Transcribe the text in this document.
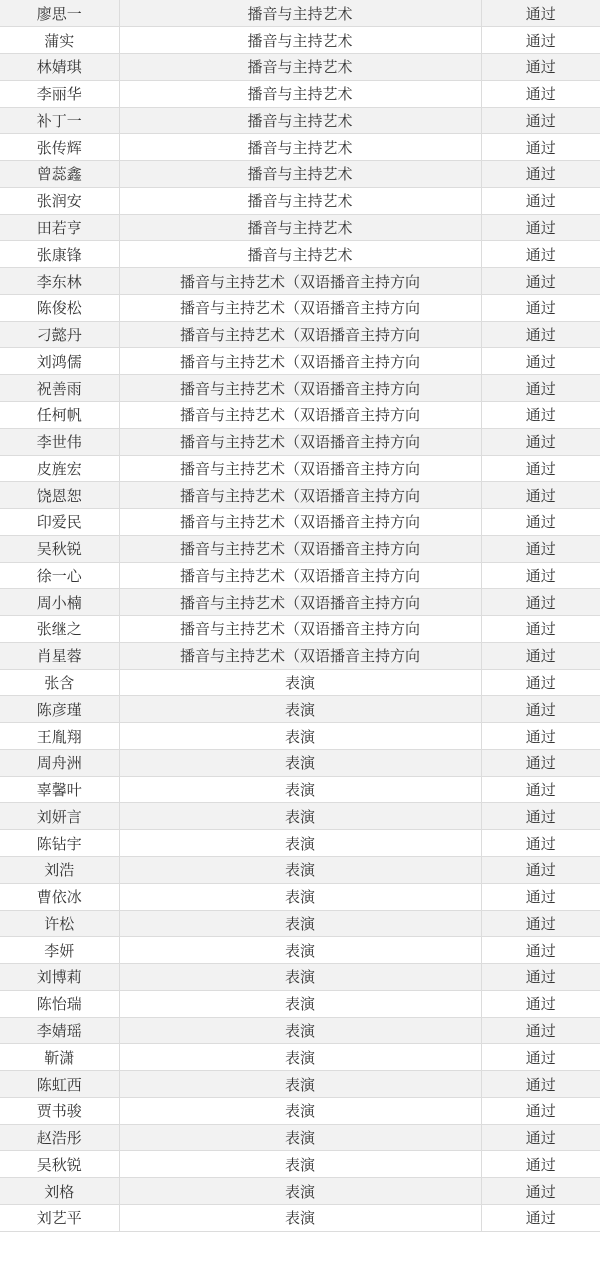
廖思一	播音与主持艺术	通过
蒲实	播音与主持艺术	通过
林婧琪	播音与主持艺术	通过
李丽华	播音与主持艺术	通过
补丁一	播音与主持艺术	通过
张传辉	播音与主持艺术	通过
曾蕊鑫	播音与主持艺术	通过
张润安	播音与主持艺术	通过
田若亨	播音与主持艺术	通过
张康锋	播音与主持艺术	通过
李东林	播音与主持艺术（双语播音主持方向	通过
陈俊松	播音与主持艺术（双语播音主持方向	通过
刁懿丹	播音与主持艺术（双语播音主持方向	通过
刘鸿儒	播音与主持艺术（双语播音主持方向	通过
祝善雨	播音与主持艺术（双语播音主持方向	通过
任柯帆	播音与主持艺术（双语播音主持方向	通过
李世伟	播音与主持艺术（双语播音主持方向	通过
皮旌宏	播音与主持艺术（双语播音主持方向	通过
饶恩恕	播音与主持艺术（双语播音主持方向	通过
印爱民	播音与主持艺术（双语播音主持方向	通过
吴秋锐	播音与主持艺术（双语播音主持方向	通过
徐一心	播音与主持艺术（双语播音主持方向	通过
周小楠	播音与主持艺术（双语播音主持方向	通过
张继之	播音与主持艺术（双语播音主持方向	通过
肖星蓉	播音与主持艺术（双语播音主持方向	通过
张含	表演	通过
陈彦瑾	表演	通过
王胤翔	表演	通过
周舟洲	表演	通过
辜馨叶	表演	通过
刘妍言	表演	通过
陈钻宇	表演	通过
刘浩	表演	通过
曹依冰	表演	通过
许松	表演	通过
李妍	表演	通过
刘博莉	表演	通过
陈怡瑞	表演	通过
李婧瑶	表演	通过
靳潇	表演	通过
陈虹西	表演	通过
贾书骏	表演	通过
赵浩彤	表演	通过
吴秋锐	表演	通过
刘格	表演	通过
刘艺平	表演	通过
